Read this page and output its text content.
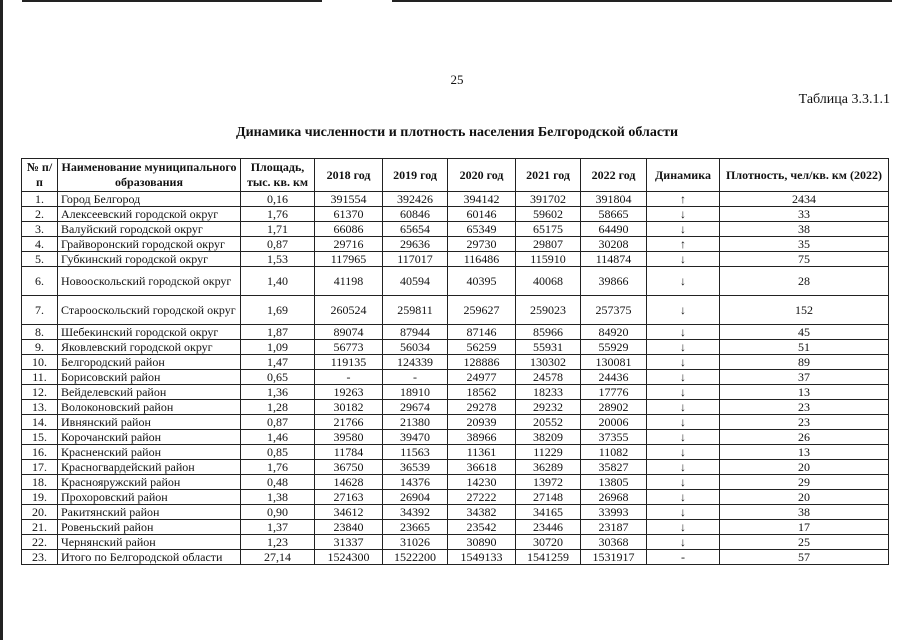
25
Таблица 3.3.1.1
Динамика численности и плотность населения Белгородской области
№ п/п	Наименование муниципального образования	Площадь, тыс. кв. км	2018 год	2019 год	2020 год	2021 год	2022 год	Динамика	Плотность, чел/кв. км (2022)
1.	Город Белгород	0,16	391554	392426	394142	391702	391804	↑	2434
2.	Алексеевский городской округ	1,76	61370	60846	60146	59602	58665	↓	33
3.	Валуйский городской округ	1,71	66086	65654	65349	65175	64490	↓	38
4.	Грайворонский городской округ	0,87	29716	29636	29730	29807	30208	↑	35
5.	Губкинский городской округ	1,53	117965	117017	116486	115910	114874	↓	75
6.	Новооскольский городской округ	1,40	41198	40594	40395	40068	39866	↓	28
7.	Старооскольский городской округ	1,69	260524	259811	259627	259023	257375	↓	152
8.	Шебекинский городской округ	1,87	89074	87944	87146	85966	84920	↓	45
9.	Яковлевский городской округ	1,09	56773	56034	56259	55931	55929	↓	51
10.	Белгородский район	1,47	119135	124339	128886	130302	130081	↓	89
11.	Борисовский район	0,65	-	-	24977	24578	24436	↓	37
12.	Вейделевский район	1,36	19263	18910	18562	18233	17776	↓	13
13.	Волоконовский район	1,28	30182	29674	29278	29232	28902	↓	23
14.	Ивнянский район	0,87	21766	21380	20939	20552	20006	↓	23
15.	Корочанский район	1,46	39580	39470	38966	38209	37355	↓	26
16.	Красненский район	0,85	11784	11563	11361	11229	11082	↓	13
17.	Красногвардейский район	1,76	36750	36539	36618	36289	35827	↓	20
18.	Краснояружский район	0,48	14628	14376	14230	13972	13805	↓	29
19.	Прохоровский район	1,38	27163	26904	27222	27148	26968	↓	20
20.	Ракитянский район	0,90	34612	34392	34382	34165	33993	↓	38
21.	Ровеньский район	1,37	23840	23665	23542	23446	23187	↓	17
22.	Чернянский район	1,23	31337	31026	30890	30720	30368	↓	25
23.	Итого по Белгородской области	27,14	1524300	1522200	1549133	1541259	1531917	-	57
